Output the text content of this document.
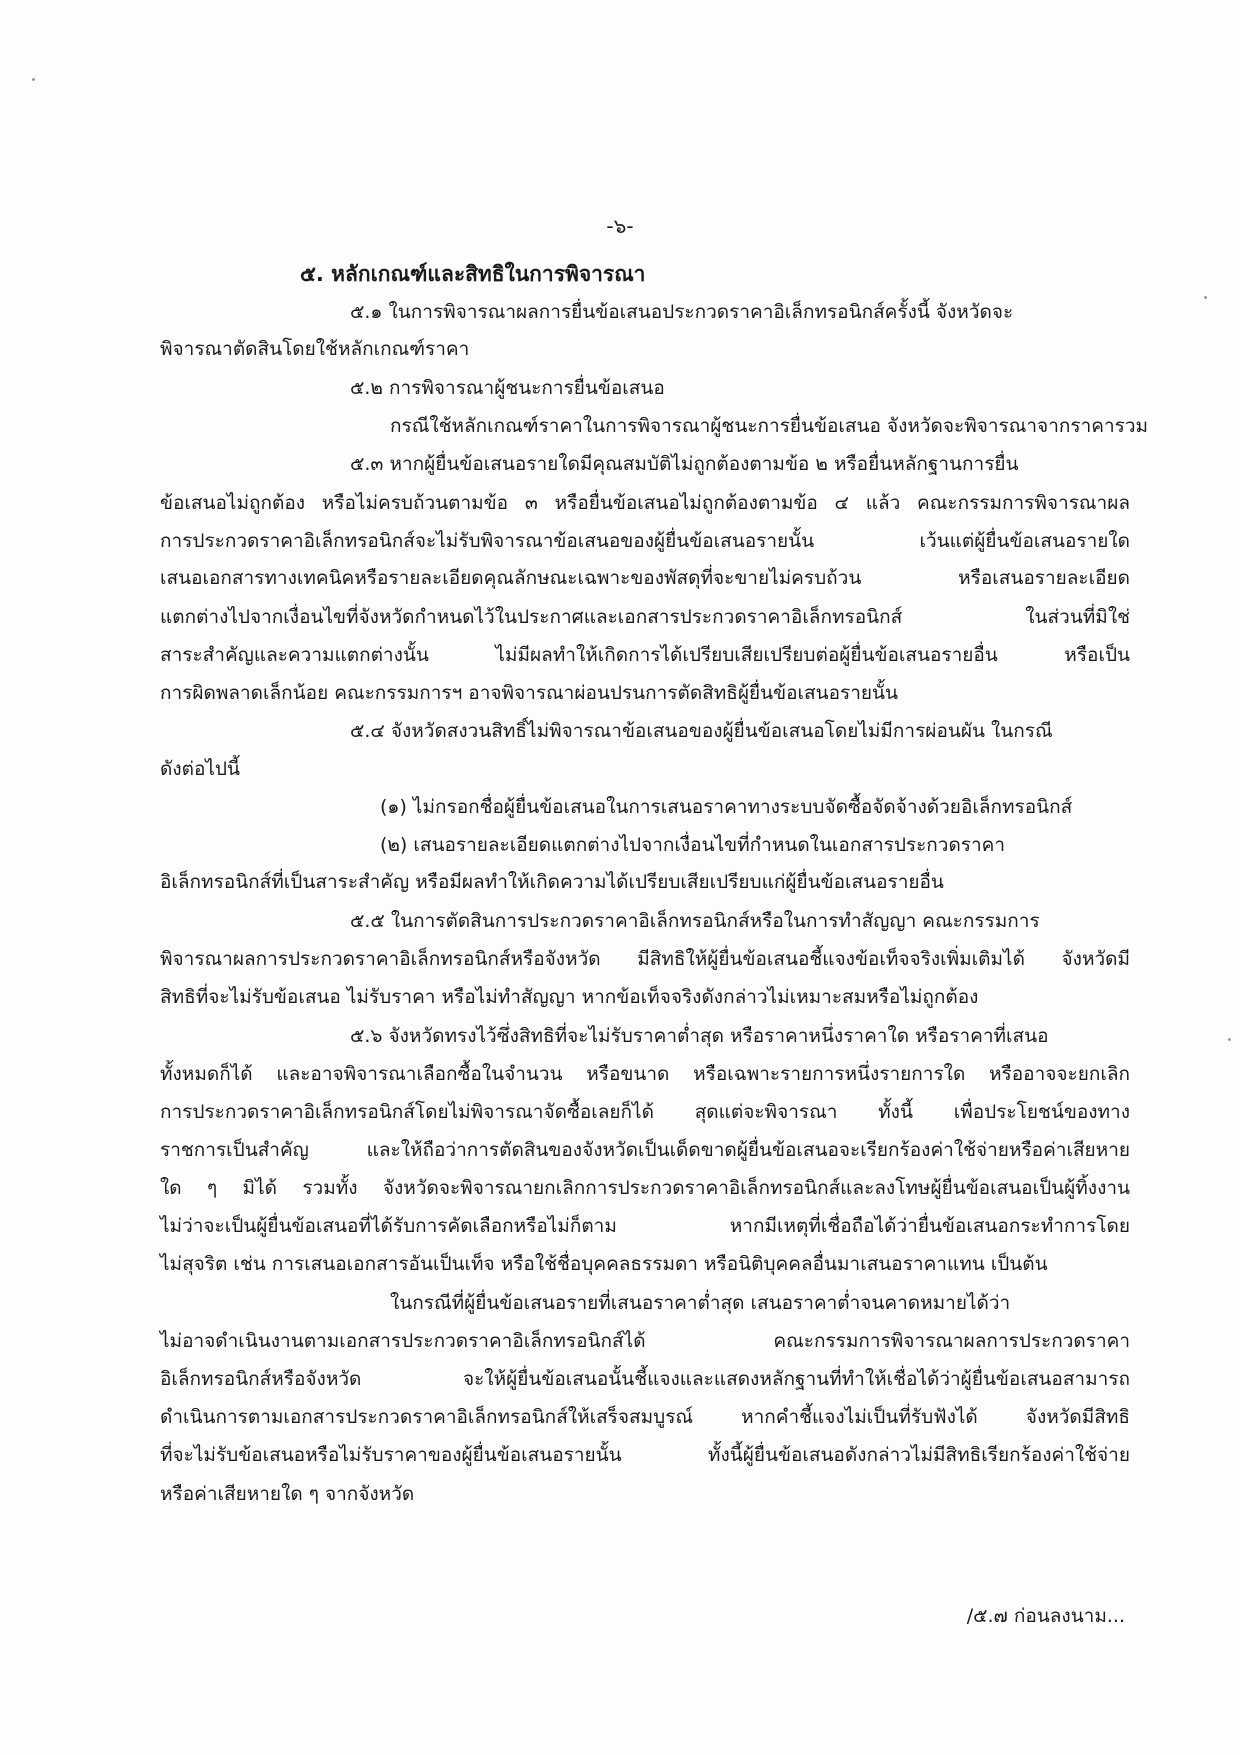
-๖-
๕. หลักเกณฑ์และสิทธิในการพิจารณา
๕.๑ ในการพิจารณาผลการยื่นข้อเสนอประกวดราคาอิเล็กทรอนิกส์ครั้งนี้ จังหวัดจะ
พิจารณาตัดสินโดยใช้หลักเกณฑ์ราคา
๕.๒ การพิจารณาผู้ชนะการยื่นข้อเสนอ
กรณีใช้หลักเกณฑ์ราคาในการพิจารณาผู้ชนะการยื่นข้อเสนอ จังหวัดจะพิจารณาจากราคารวม
๕.๓ หากผู้ยื่นข้อเสนอรายใดมีคุณสมบัติไม่ถูกต้องตามข้อ ๒ หรือยื่นหลักฐานการยื่น
ข้อเสนอไม่ถูกต้อง หรือไม่ครบถ้วนตามข้อ ๓ หรือยื่นข้อเสนอไม่ถูกต้องตามข้อ ๔ แล้ว คณะกรรมการพิจารณาผล
การประกวดราคาอิเล็กทรอนิกส์จะไม่รับพิจารณาข้อเสนอของผู้ยื่นข้อเสนอรายนั้น เว้นแต่ผู้ยื่นข้อเสนอรายใด
เสนอเอกสารทางเทคนิคหรือรายละเอียดคุณลักษณะเฉพาะของพัสดุที่จะขายไม่ครบถ้วน หรือเสนอรายละเอียด
แตกต่างไปจากเงื่อนไขที่จังหวัดกำหนดไว้ในประกาศและเอกสารประกวดราคาอิเล็กทรอนิกส์ ในส่วนที่มิใช่
สาระสำคัญและความแตกต่างนั้น ไม่มีผลทำให้เกิดการได้เปรียบเสียเปรียบต่อผู้ยื่นข้อเสนอรายอื่น หรือเป็น
การผิดพลาดเล็กน้อย คณะกรรมการฯ อาจพิจารณาผ่อนปรนการตัดสิทธิผู้ยื่นข้อเสนอรายนั้น
๕.๔ จังหวัดสงวนสิทธิ์ไม่พิจารณาข้อเสนอของผู้ยื่นข้อเสนอโดยไม่มีการผ่อนผัน ในกรณี
ดังต่อไปนี้
(๑) ไม่กรอกชื่อผู้ยื่นข้อเสนอในการเสนอราคาทางระบบจัดซื้อจัดจ้างด้วยอิเล็กทรอนิกส์
(๒) เสนอรายละเอียดแตกต่างไปจากเงื่อนไขที่กำหนดในเอกสารประกวดราคา
อิเล็กทรอนิกส์ที่เป็นสาระสำคัญ หรือมีผลทำให้เกิดความได้เปรียบเสียเปรียบแก่ผู้ยื่นข้อเสนอรายอื่น
๕.๕ ในการตัดสินการประกวดราคาอิเล็กทรอนิกส์หรือในการทำสัญญา คณะกรรมการ
พิจารณาผลการประกวดราคาอิเล็กทรอนิกส์หรือจังหวัด มีสิทธิให้ผู้ยื่นข้อเสนอชี้แจงข้อเท็จจริงเพิ่มเติมได้ จังหวัดมี
สิทธิที่จะไม่รับข้อเสนอ ไม่รับราคา หรือไม่ทำสัญญา หากข้อเท็จจริงดังกล่าวไม่เหมาะสมหรือไม่ถูกต้อง
๕.๖ จังหวัดทรงไว้ซึ่งสิทธิที่จะไม่รับราคาต่ำสุด หรือราคาหนึ่งราคาใด หรือราคาที่เสนอ
ทั้งหมดก็ได้ และอาจพิจารณาเลือกซื้อในจำนวน หรือขนาด หรือเฉพาะรายการหนึ่งรายการใด หรืออาจจะยกเลิก
การประกวดราคาอิเล็กทรอนิกส์โดยไม่พิจารณาจัดซื้อเลยก็ได้ สุดแต่จะพิจารณา ทั้งนี้ เพื่อประโยชน์ของทาง
ราชการเป็นสำคัญ และให้ถือว่าการตัดสินของจังหวัดเป็นเด็ดขาดผู้ยื่นข้อเสนอจะเรียกร้องค่าใช้จ่ายหรือค่าเสียหาย
ใด ๆ มิได้ รวมทั้ง จังหวัดจะพิจารณายกเลิกการประกวดราคาอิเล็กทรอนิกส์และลงโทษผู้ยื่นข้อเสนอเป็นผู้ทิ้งงาน
ไม่ว่าจะเป็นผู้ยื่นข้อเสนอที่ได้รับการคัดเลือกหรือไม่ก็ตาม หากมีเหตุที่เชื่อถือได้ว่ายื่นข้อเสนอกระทำการโดย
ไม่สุจริต เช่น การเสนอเอกสารอันเป็นเท็จ หรือใช้ชื่อบุคคลธรรมดา หรือนิติบุคคลอื่นมาเสนอราคาแทน เป็นต้น
ในกรณีที่ผู้ยื่นข้อเสนอรายที่เสนอราคาต่ำสุด เสนอราคาต่ำจนคาดหมายได้ว่า
ไม่อาจดำเนินงานตามเอกสารประกวดราคาอิเล็กทรอนิกส์ได้ คณะกรรมการพิจารณาผลการประกวดราคา
อิเล็กทรอนิกส์หรือจังหวัด จะให้ผู้ยื่นข้อเสนอนั้นชี้แจงและแสดงหลักฐานที่ทำให้เชื่อได้ว่าผู้ยื่นข้อเสนอสามารถ
ดำเนินการตามเอกสารประกวดราคาอิเล็กทรอนิกส์ให้เสร็จสมบูรณ์ หากคำชี้แจงไม่เป็นที่รับฟังได้ จังหวัดมีสิทธิ
ที่จะไม่รับข้อเสนอหรือไม่รับราคาของผู้ยื่นข้อเสนอรายนั้น ทั้งนี้ผู้ยื่นข้อเสนอดังกล่าวไม่มีสิทธิเรียกร้องค่าใช้จ่าย
หรือค่าเสียหายใด ๆ จากจังหวัด
/๕.๗ ก่อนลงนาม...
